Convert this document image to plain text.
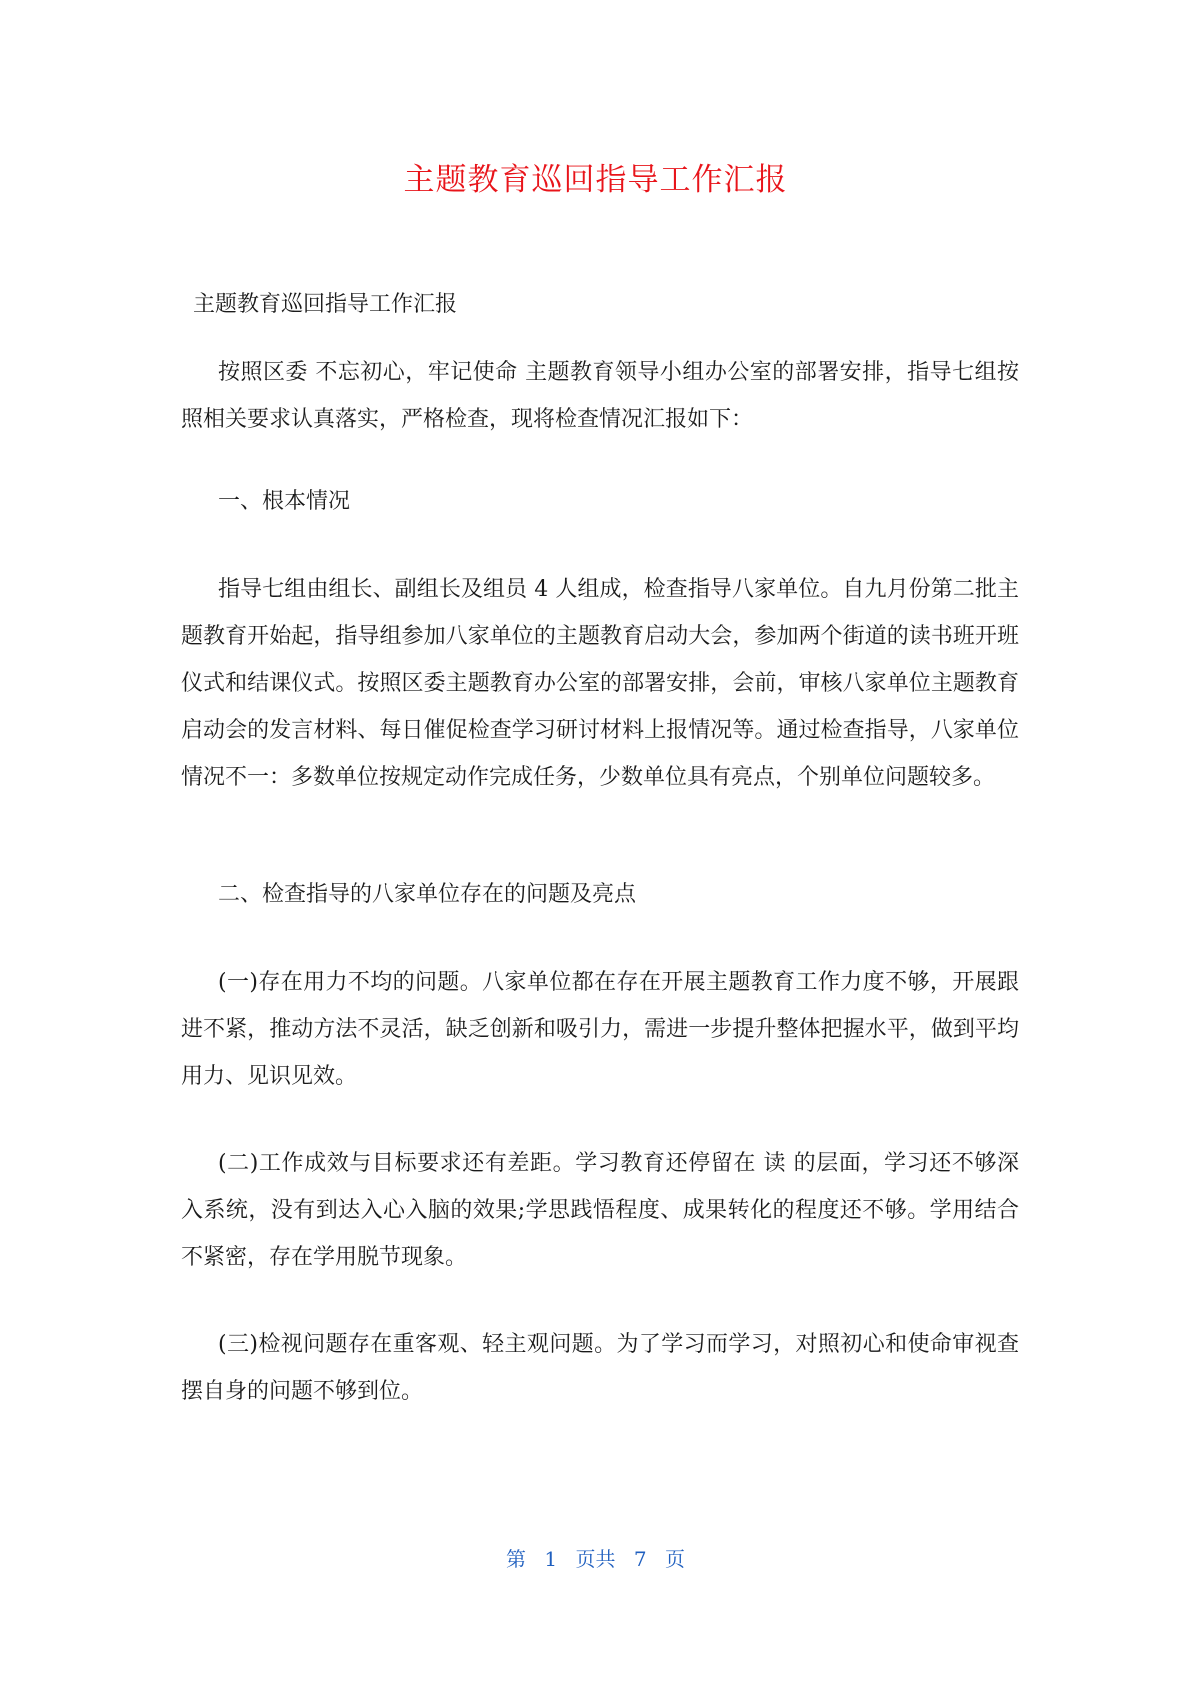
主题教育巡回指导工作汇报
主题教育巡回指导工作汇报

按照区委 不忘初心，牢记使命 主题教育领导小组办公室的部署安排，指导七组按照相关要求认真落实，严格检查，现将检查情况汇报如下：

一、根本情况

指导七组由组长、副组长及组员 4 人组成，检查指导八家单位。自九月份第二批主题教育开始起，指导组参加八家单位的主题教育启动大会，参加两个街道的读书班开班仪式和结课仪式。按照区委主题教育办公室的部署安排，会前，审核八家单位主题教育启动会的发言材料、每日催促检查学习研讨材料上报情况等。通过检查指导，八家单位情况不一：多数单位按规定动作完成任务，少数单位具有亮点，个别单位问题较多。

二、检查指导的八家单位存在的问题及亮点

(一)存在用力不均的问题。八家单位都在存在开展主题教育工作力度不够，开展跟进不紧，推动方法不灵活，缺乏创新和吸引力，需进一步提升整体把握水平，做到平均用力、见识见效。

(二)工作成效与目标要求还有差距。学习教育还停留在 读 的层面，学习还不够深入系统，没有到达入心入脑的效果;学思践悟程度、成果转化的程度还不够。学用结合不紧密，存在学用脱节现象。

(三)检视问题存在重客观、轻主观问题。为了学习而学习，对照初心和使命审视查摆自身的问题不够到位。

第 1 页共 7 页
